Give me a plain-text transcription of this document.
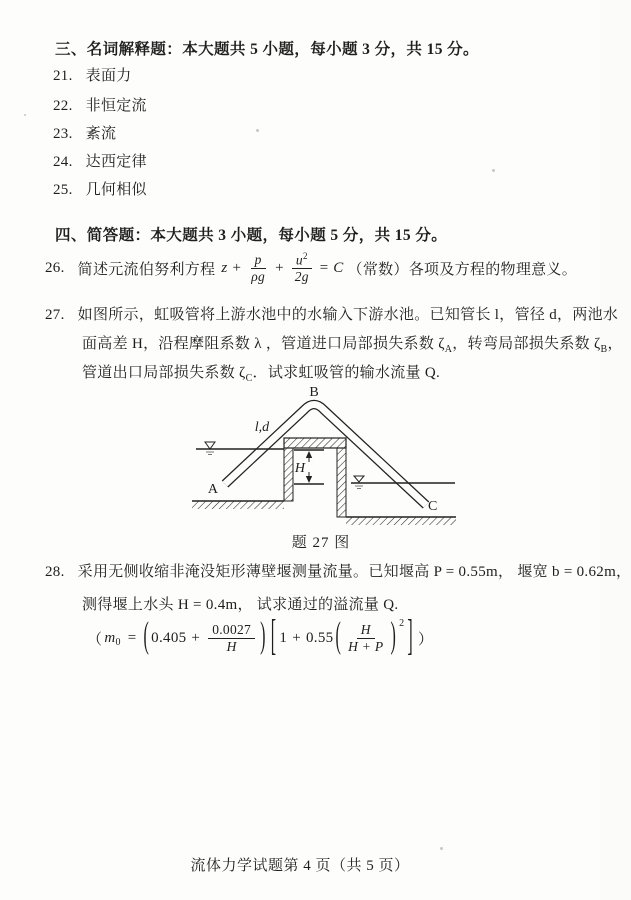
三、名词解释题：本大题共 5 小题，每小题 3 分，共 15 分。
21. 表面力
22. 非恒定流
23. 紊流
24. 达西定律
25. 几何相似
四、简答题：本大题共 3 小题，每小题 5 分，共 15 分。
26. 简述元流伯努利方程 $z + \frac{p}{\rho g} + \frac{u^2}{2g} = C$ （常数）各项及方程的物理意义。
27. 如图所示，虹吸管将上游水池中的水输入下游水池。已知管长 l，管径 d，两池水
面高差 H，沿程摩阻系数 λ ，管道进口局部损失系数 $\zeta_A$，转弯局部损失系数 $\zeta_B$，
管道出口局部损失系数 $\zeta_C$．试求虹吸管的输水流量 Q.
H
B
l,d
A
C
题 27 图
28. 采用无侧收缩非淹没矩形薄壁堰测量流量。已知堰高 P = 0.55m， 堰宽 b = 0.62m，
测得堰上水头 H = 0.4m， 试求通过的溢流量 Q.
（ m 0 = ( $0.405 + \frac{0.0027}{H}$ ) [ 1 + 0.55 ( $\frac{H}{H + P}$ ) 2 ] ）
流体力学试题第 4 页（共 5 页）
